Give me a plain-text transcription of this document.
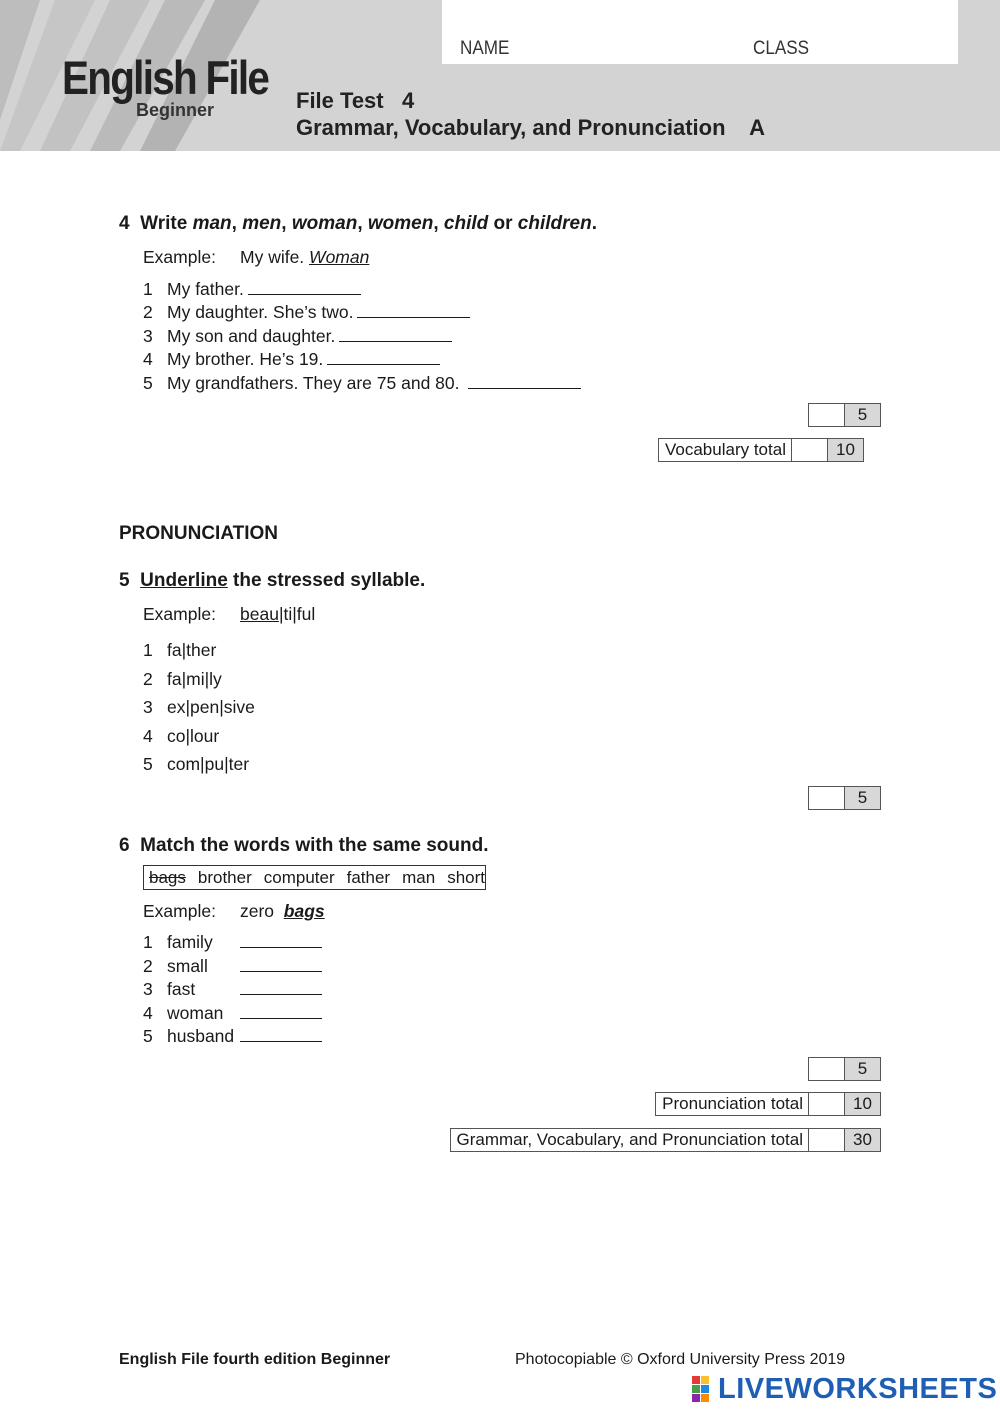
English File
Beginner
NAME	CLASS
File Test   4
Grammar, Vocabulary, and Pronunciation    A
4 Write man, men, woman, women, child or children.
Example: My wife. Woman
1 My father.
2 My daughter. She’s two.
3 My son and daughter.
4 My brother. He’s 19.
5 My grandfathers. They are 75 and 80.
5
Vocabulary total	10
PRONUNCIATION
5 Underline the stressed syllable.
Example: beau|ti|ful
1 fa|ther
2 fa|mi|ly
3 ex|pen|sive
4 co|lour
5 com|pu|ter
5
6 Match the words with the same sound.
bags brother computer father man short
Example: zero bags
1 family
2 small
3 fast
4 woman
5 husband
5
Pronunciation total	10
Grammar, Vocabulary, and Pronunciation total	30
English File fourth edition Beginner	Photocopiable © Oxford University Press 2019
LIVEWORKSHEETS
